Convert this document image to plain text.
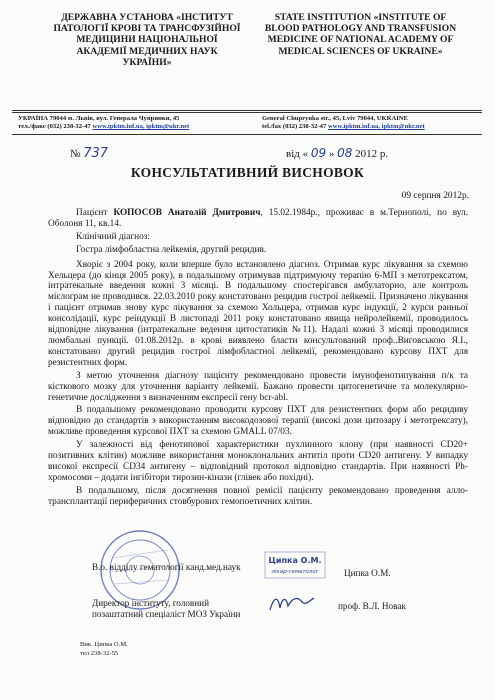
ДЕРЖАВНА УСТАНОВА «ІНСТИТУТ ПАТОЛОГІЇ КРОВІ ТА ТРАНСФУЗІЙНОЇ МЕДИЦИНИ НАЦІОНАЛЬНОЇ АКАДЕМІЇ МЕДИЧНИХ НАУК УКРАЇНИ»
STATE INSTITUTION «INSTITUTE OF BLOOD PATHOLOGY AND TRANSFUSION MEDICINE OF NATIONAL ACADEMY OF MEDICAL SCIENCES OF UKRAINE»
УКРАЇНА 79044 м. Львів, вул. Генерала Чупринки, 45
тел./факс (032) 238-32-47 www.ipktm.inf.ua, ipktm@ukr.net
General Chuprynka str., 45, Lviv 79044, UKRAINE
tel./fax (032) 238-32-47 www.ipktm.inf.ua, ipktm@ukr.net
№ 737	від « 09 » 08 2012 р.
КОНСУЛЬТАТИВНИЙ ВИСНОВОК
09 серпня 2012р.

Пацієнт КОПОСОВ Анатолій Дмитрович, 15.02.1984р., проживає в м.Тернополі, по вул. Оболоня 11, кв.14.

Клінічний діагноз:

Гостра лімфобластна лейкемія, другий рецидив.

Хворіє з 2004 року, коли вперше було встановлено діагноз. Отримав курс лікування за схемою Хельцера (до кінця 2005 року), в подальшому отримував підтримуючу терапію 6-МП з метотрексатом, інтратекальне введення кожні 3 місяці. В подальшому спостерігався амбулаторно, але контроль мієлограм не проводився. 22.03.2010 року констатовано рецидив гострої лейкемії. Призначено лікування і пацієнт отримав знову курс лікування за схемою Хольцера, отримав курс індукції, 2 курси ранньої консолідації, курс реіндукції В листопаді 2011 року констатовано явища нейролейкемії, проводилось відповідне лікування (інтратекальне ведення цитостатиків №11). Надалі кожні 3 місяці проводилися люмбальні пункції. 01.08.2012р. в крові виявлено бласти консультований проф..Виговською Я.І., констатовано другий рецидив гострої лімфобластної лейкемії, рекомендовано курсову ПХТ для резистентних форм.

З метою уточнення діагнозу пацієнту рекомендовано провести імунофенотипування п/к та кісткового мозку для уточнення варіанту лейкемії. Бажано провести цитогенетичне та молекулярно-генетичне дослідження з визначенням експресії гену bcr-abl.

В подальшому рекомендовано проводити курсову ПХТ для резистентних форм або рецидиву відповідно до стандартів з використанням високодозової терапії (високі дози цитозару і метотрексату), можливе проведення курсової ПХТ за схемою GMALL 07/03.

У залежності від фенотипової характеристики пухлинного клону (при наявності CD20+ позитивних клітин) можливе використання моноклональних антитіл проти CD20 антигену. У випадку високої експресії CD34 антигену – відповідний протокол відповідно стандартів. При наявності Ph-хромосоми – додати інгібітори тирозин-кінази (глівек або похідні).

В подальшому, після досягнення повної ремісії пацієнту рекомендовано проведення алло-трансплантації периферичних стовбурових гемопоетичних клітин.

В.о. відділу гематології канд.мед.наук
Директор інституту, головний позаштатний спеціаліст МОЗ України
Ципка О.М.
лікар-гематолог	Ципка О.М.
проф. В.Л. Новак
Вик. Ципка О.М.
тел 238-32-55
